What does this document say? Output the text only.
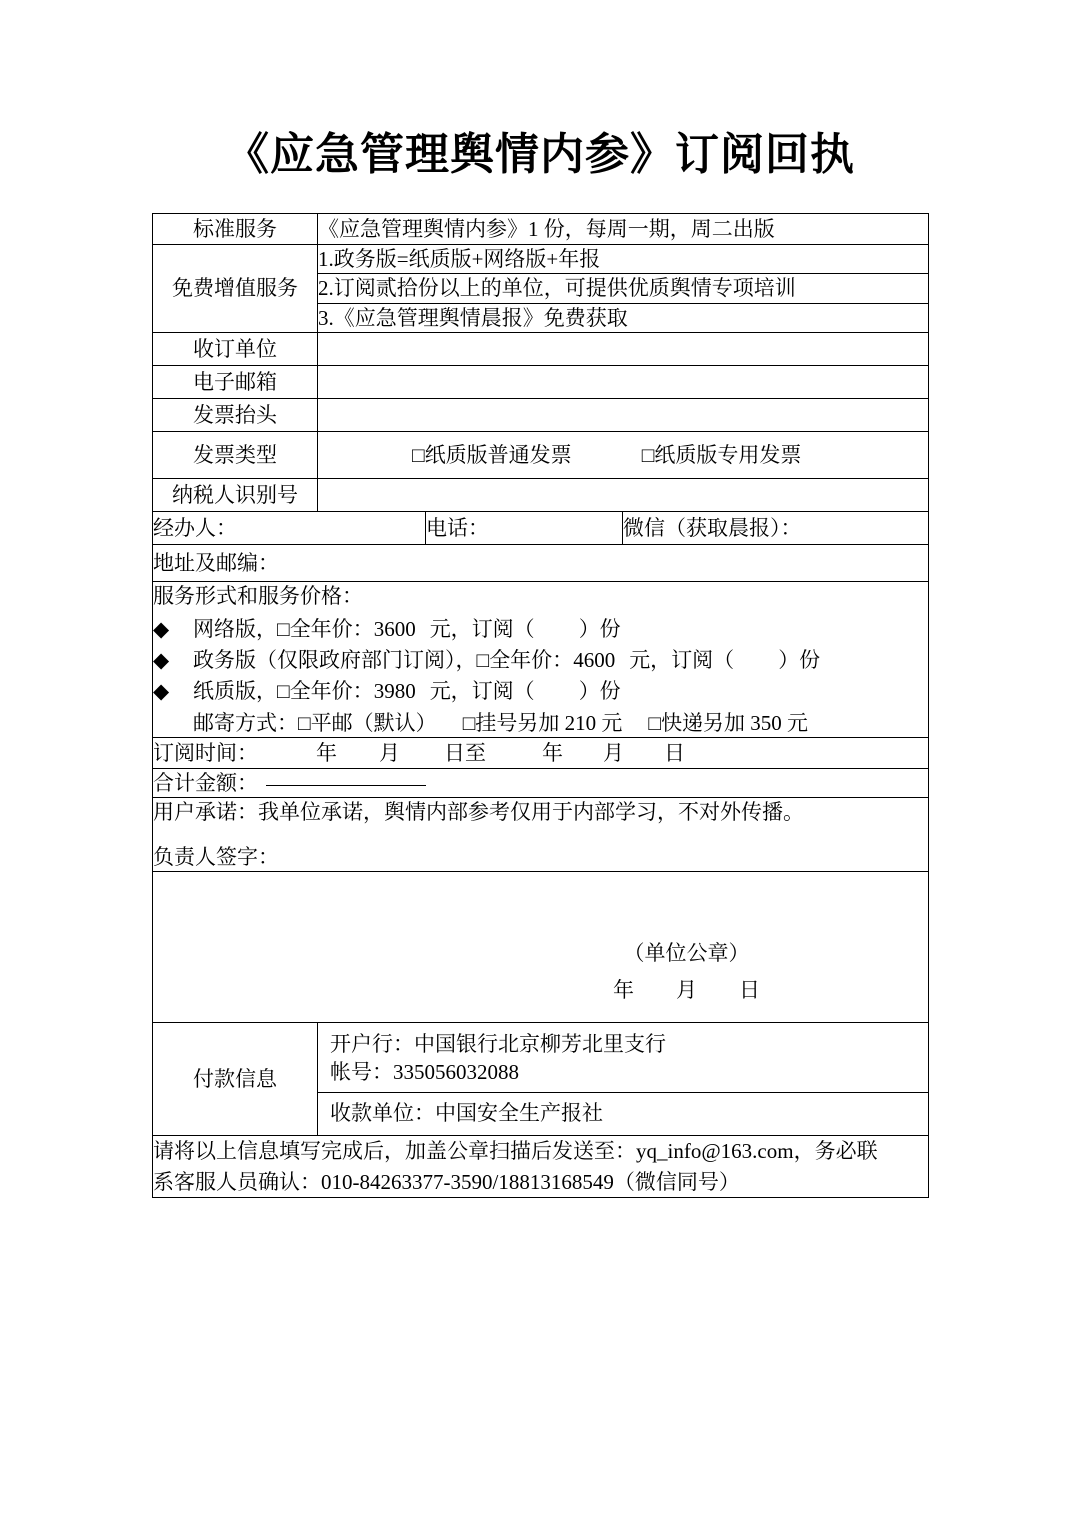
《应急管理舆情内参》订阅回执
标准服务	《应急管理舆情内参》1 份，每周一期，周二出版		
免费增值服务	1.政务版=纸质版+网络版+年报		
	2.订阅贰拾份以上的单位，可提供优质舆情专项培训		
	3.《应急管理舆情晨报》免费获取		
收订单位			
电子邮箱			
发票抬头			
发票类型	□纸质版普通发票 □纸质版专用发票		

纳税人识别号			
经办人：		电话：	微信（获取晨报）：
地址及邮编：			

服务形式和服务价格：
◆ 网络版，□全年价：3600 元，订阅（ ）份
◆ 政务版（仅限政府部门订阅），□全年价：4600 元，订阅（ ）份
◆ 纸质版，□全年价：3980 元，订阅（ ）份
邮寄方式：□平邮（默认） □挂号另加 210 元 □快递另加 350 元			

订阅时间： 年 月 日至 年 月 日			
合计金额：			

用户承诺：我单位承诺，舆情内部参考仅用于内部学习，不对外传播。
负责人签字：			

（单位公章）
年 月 日			

付款信息	开户行：中国银行北京柳芳北里支行
帐号：335056032088
收款单位：中国安全生产报社		

请将以上信息填写完成后，加盖公章扫描后发送至：yq_info@163.com，务必联
系客服人员确认：010-84263377-3590/18813168549（微信同号）			
